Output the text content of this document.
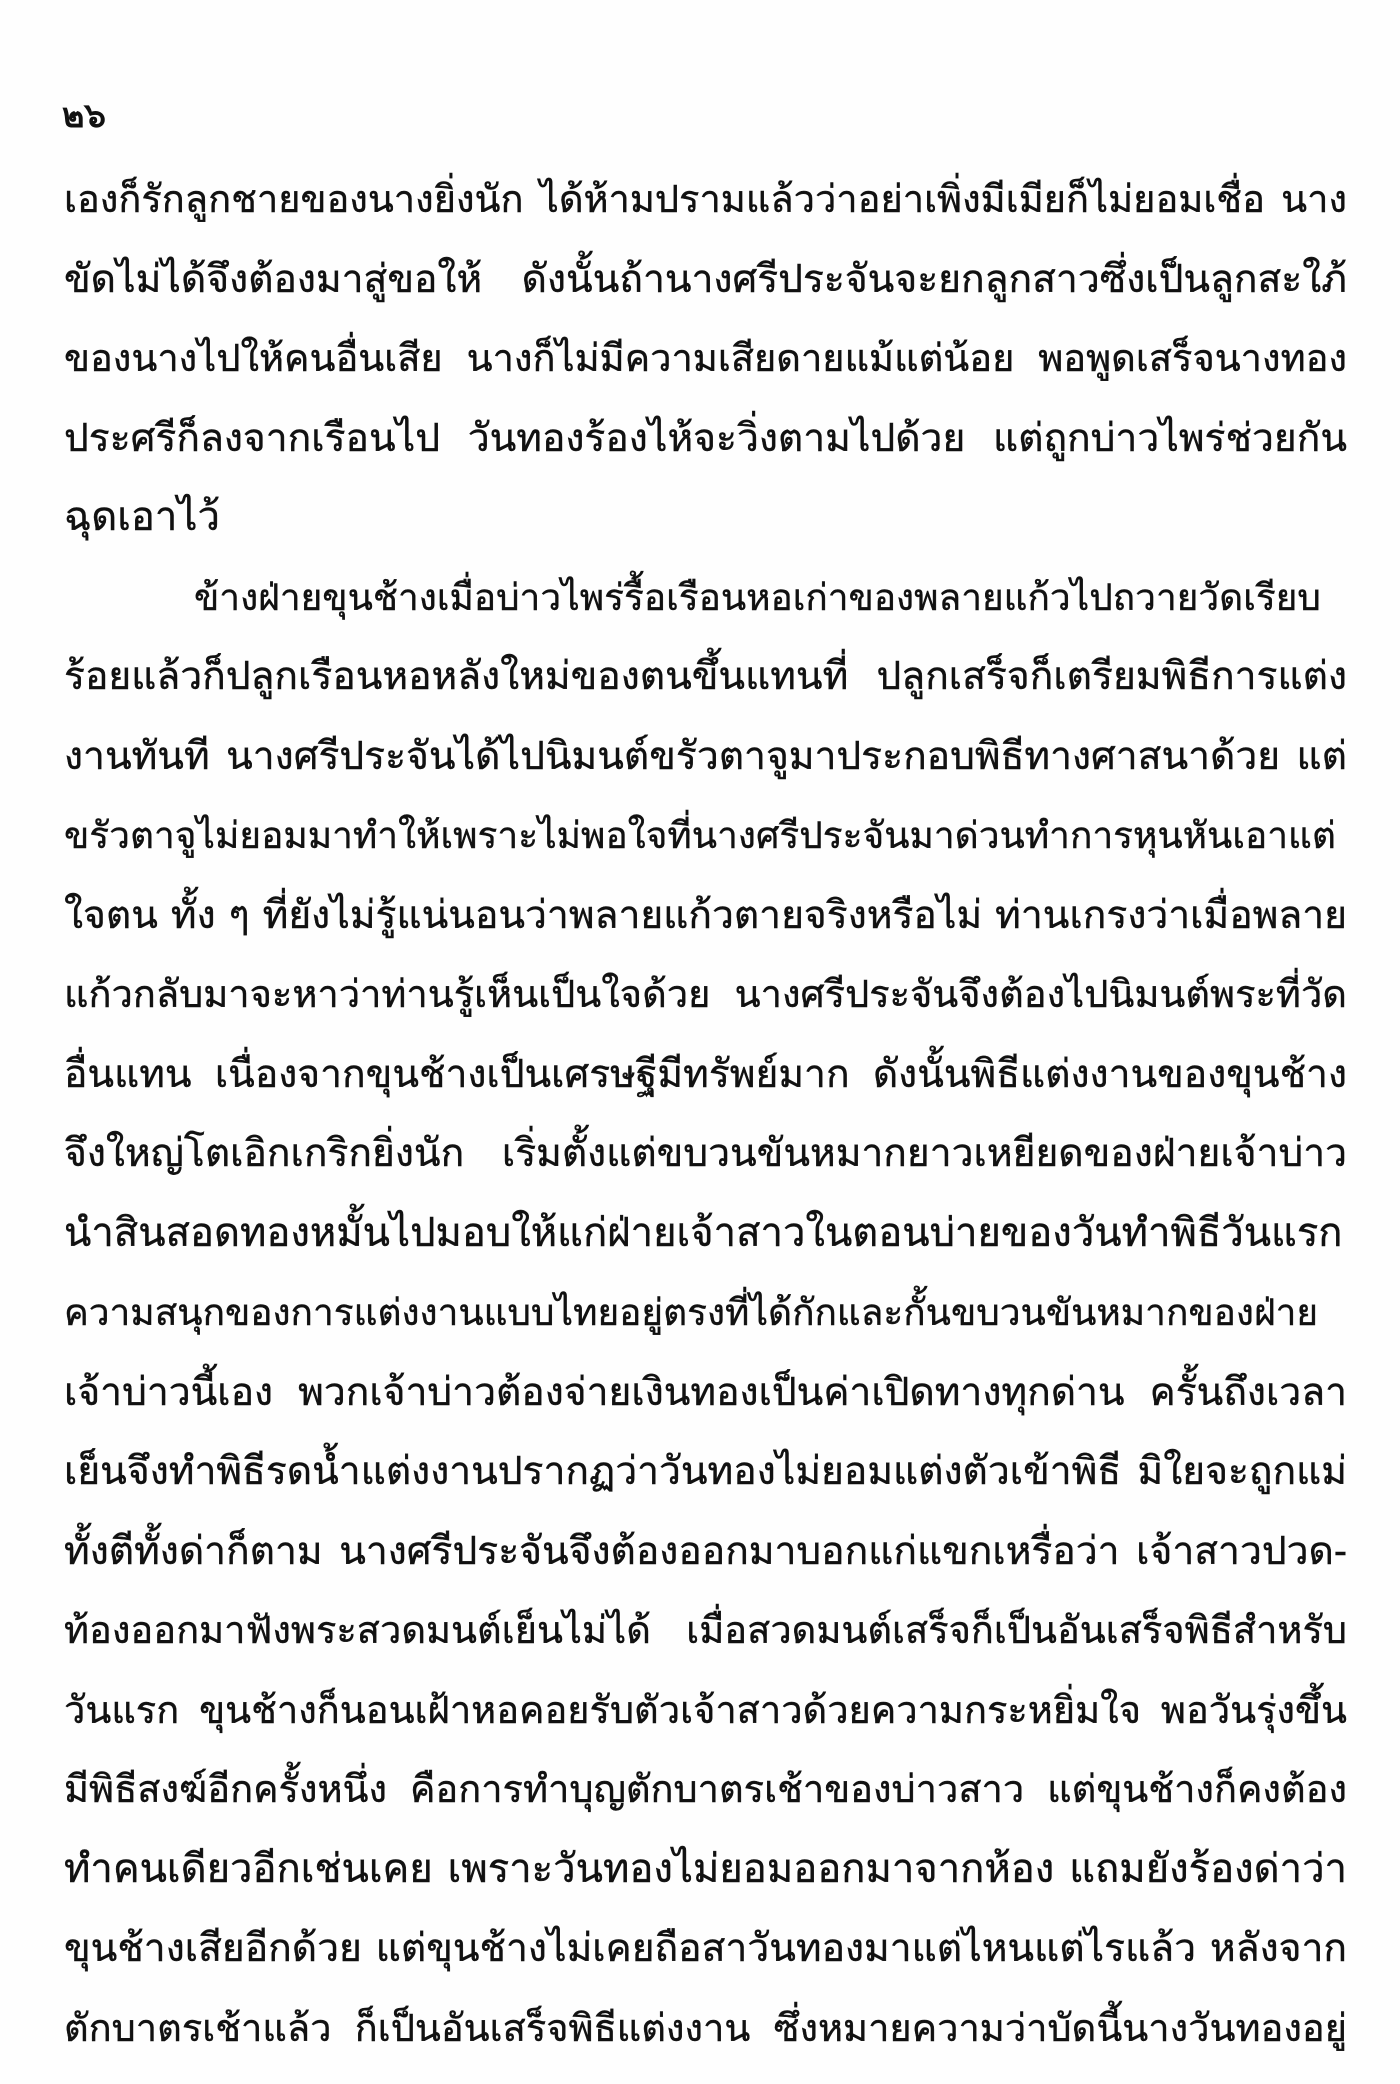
๒๖
เองก็รักลูกชายของนางยิ่งนัก ได้ห้ามปรามแล้วว่าอย่าเพิ่งมีเมียก็ไม่ยอมเชื่อ นาง
ขัดไม่ได้จึงต้องมาสู่ขอให้ ดังนั้นถ้านางศรีประจันจะยกลูกสาวซึ่งเป็นลูกสะใภ้
ของนางไปให้คนอื่นเสีย นางก็ไม่มีความเสียดายแม้แต่น้อย พอพูดเสร็จนางทอง
ประศรีก็ลงจากเรือนไป วันทองร้องไห้จะวิ่งตามไปด้วย แต่ถูกบ่าวไพร่ช่วยกัน
ฉุดเอาไว้
ข้างฝ่ายขุนช้างเมื่อบ่าวไพร่รื้อเรือนหอเก่าของพลายแก้วไปถวายวัดเรียบ
ร้อยแล้วก็ปลูกเรือนหอหลังใหม่ของตนขึ้นแทนที่ ปลูกเสร็จก็เตรียมพิธีการแต่ง
งานทันที นางศรีประจันได้ไปนิมนต์ขรัวตาจูมาประกอบพิธีทางศาสนาด้วย แต่
ขรัวตาจูไม่ยอมมาทำให้เพราะไม่พอใจที่นางศรีประจันมาด่วนทำการหุนหันเอาแต่
ใจตน ทั้ง ๆ ที่ยังไม่รู้แน่นอนว่าพลายแก้วตายจริงหรือไม่ ท่านเกรงว่าเมื่อพลาย
แก้วกลับมาจะหาว่าท่านรู้เห็นเป็นใจด้วย นางศรีประจันจึงต้องไปนิมนต์พระที่วัด
อื่นแทน เนื่องจากขุนช้างเป็นเศรษฐีมีทรัพย์มาก ดังนั้นพิธีแต่งงานของขุนช้าง
จึงใหญ่โตเอิกเกริกยิ่งนัก เริ่มตั้งแต่ขบวนขันหมากยาวเหยียดของฝ่ายเจ้าบ่าว
นำสินสอดทองหมั้นไปมอบให้แก่ฝ่ายเจ้าสาวในตอนบ่ายของวันทำพิธีวันแรก
ความสนุกของการแต่งงานแบบไทยอยู่ตรงที่ได้กักและกั้นขบวนขันหมากของฝ่าย
เจ้าบ่าวนี้เอง พวกเจ้าบ่าวต้องจ่ายเงินทองเป็นค่าเปิดทางทุกด่าน ครั้นถึงเวลา
เย็นจึงทำพิธีรดน้ำแต่งงานปรากฏว่าวันทองไม่ยอมแต่งตัวเข้าพิธี มิใยจะถูกแม่
ทั้งตีทั้งด่าก็ตาม นางศรีประจันจึงต้องออกมาบอกแก่แขกเหรื่อว่า เจ้าสาวปวด-
ท้องออกมาฟังพระสวดมนต์เย็นไม่ได้ เมื่อสวดมนต์เสร็จก็เป็นอันเสร็จพิธีสำหรับ
วันแรก ขุนช้างก็นอนเฝ้าหอคอยรับตัวเจ้าสาวด้วยความกระหยิ่มใจ พอวันรุ่งขึ้น
มีพิธีสงฆ์อีกครั้งหนึ่ง คือการทำบุญตักบาตรเช้าของบ่าวสาว แต่ขุนช้างก็คงต้อง
ทำคนเดียวอีกเช่นเคย เพราะวันทองไม่ยอมออกมาจากห้อง แถมยังร้องด่าว่า
ขุนช้างเสียอีกด้วย แต่ขุนช้างไม่เคยถือสาวันทองมาแต่ไหนแต่ไรแล้ว หลังจาก
ตักบาตรเช้าแล้ว ก็เป็นอันเสร็จพิธีแต่งงาน ซึ่งหมายความว่าบัดนี้นางวันทองอยู่
